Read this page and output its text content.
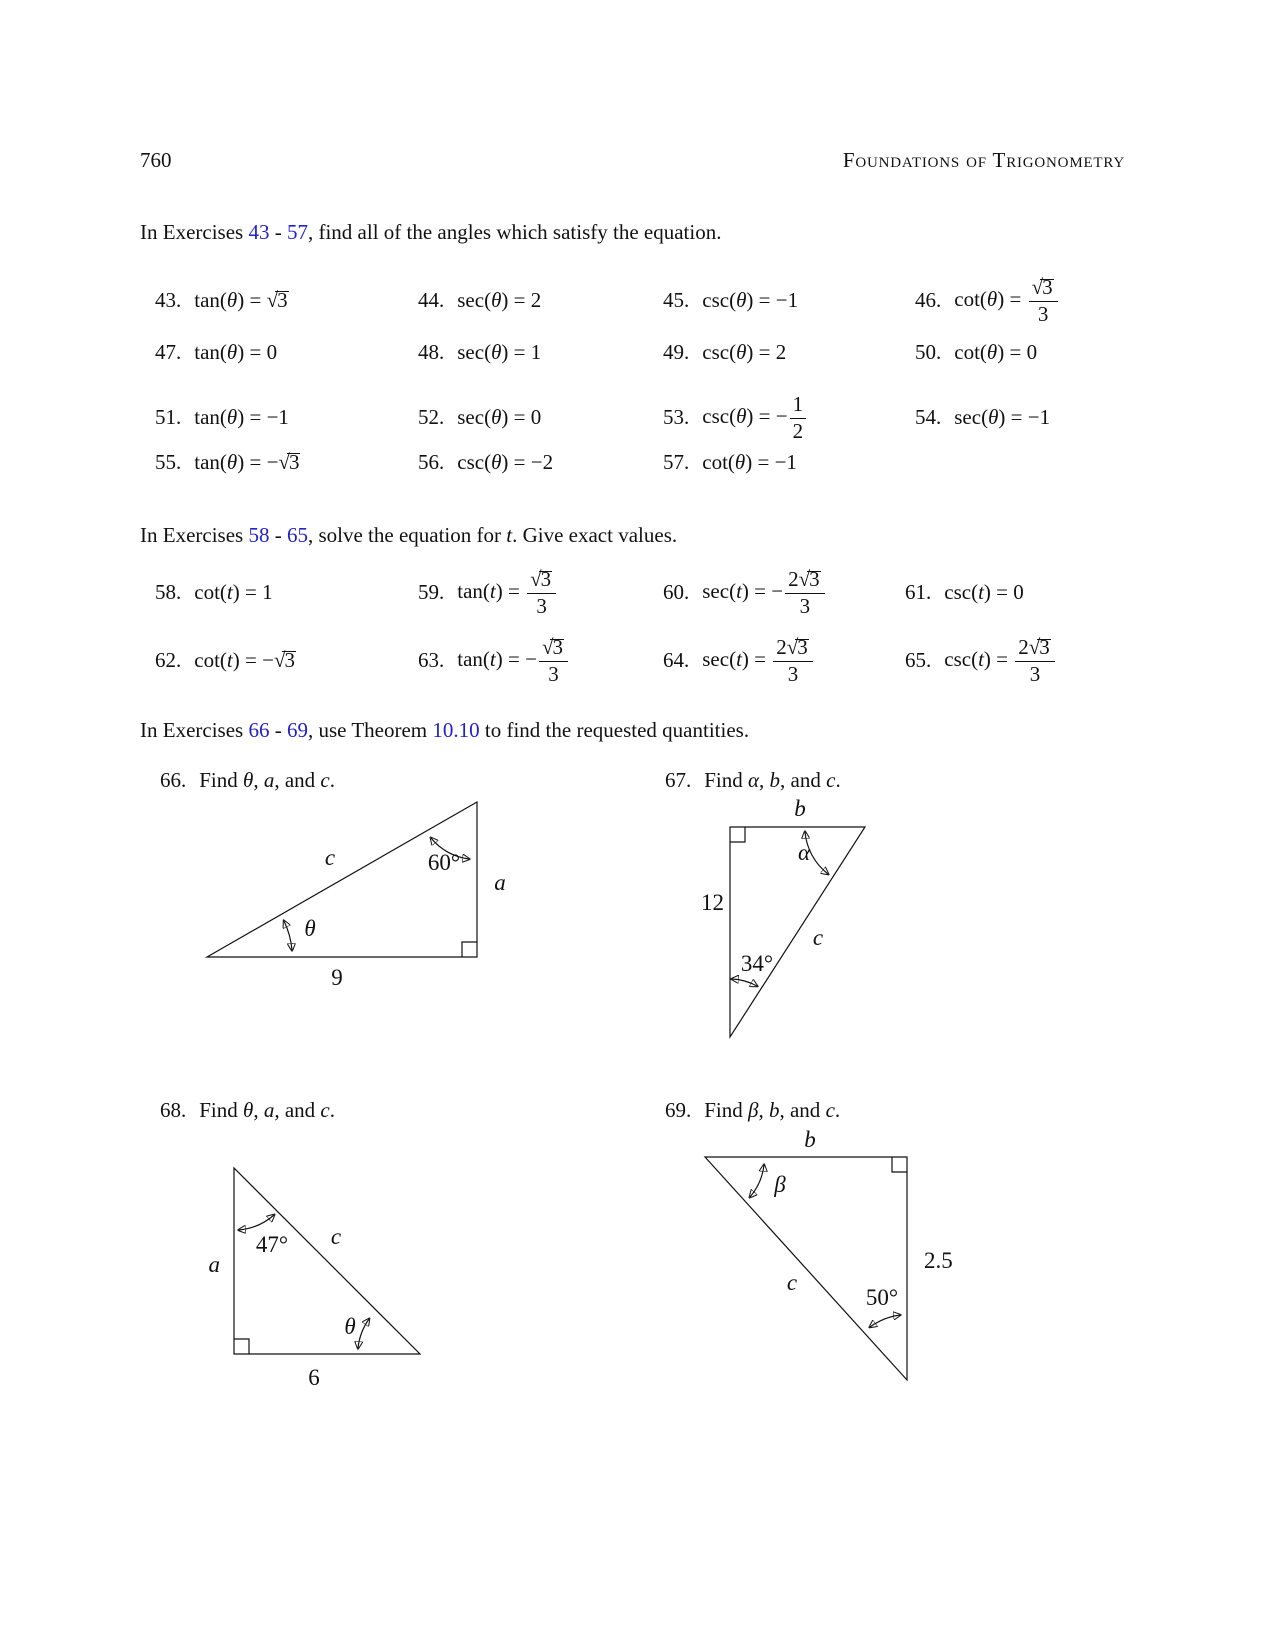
760	Foundations of Trigonometry

In Exercises 43 - 57, find all of the angles which satisfy the equation.

In Exercises 58 - 65, solve the equation for t. Give exact values.

In Exercises 66 - 69, use Theorem 10.10 to find the requested quantities.

43. tan(θ) = √3	44. sec(θ) = 2	45. csc(θ) = −1	46. $\cot(\theta) = \frac{√3}{3}$
47. tan(θ) = 0	48. sec(θ) = 1	49. csc(θ) = 2	50. cot(θ) = 0
51. tan(θ) = −1	52. sec(θ) = 0	53. csc(θ) = − $\frac{1}{2}$	54. sec(θ) = −1
55. tan(θ) = −√3	56. csc(θ) = −2	57. cot(θ) = −1
58. cot(t) = 1	59. $\tan(t) = \frac{√3}{3}$	60. sec(t) = − $\frac{2√3}{3}$	61. csc(t) = 0
62. cot(t) = −√3	63. tan(t) = − $\frac{√3}{3}$	64. $\sec(t) = \frac{2√3}{3}$	65. $\csc(t) = \frac{2√3}{3}$
66. Find θ, a, and c.	67. Find α, b, and c.
68. Find θ, a, and c.	69. Find β, b, and c.
c	60°
a
θ
9
b
12
α
c
34°
a
47° c
θ
6
b
β
c
2.5
50°
